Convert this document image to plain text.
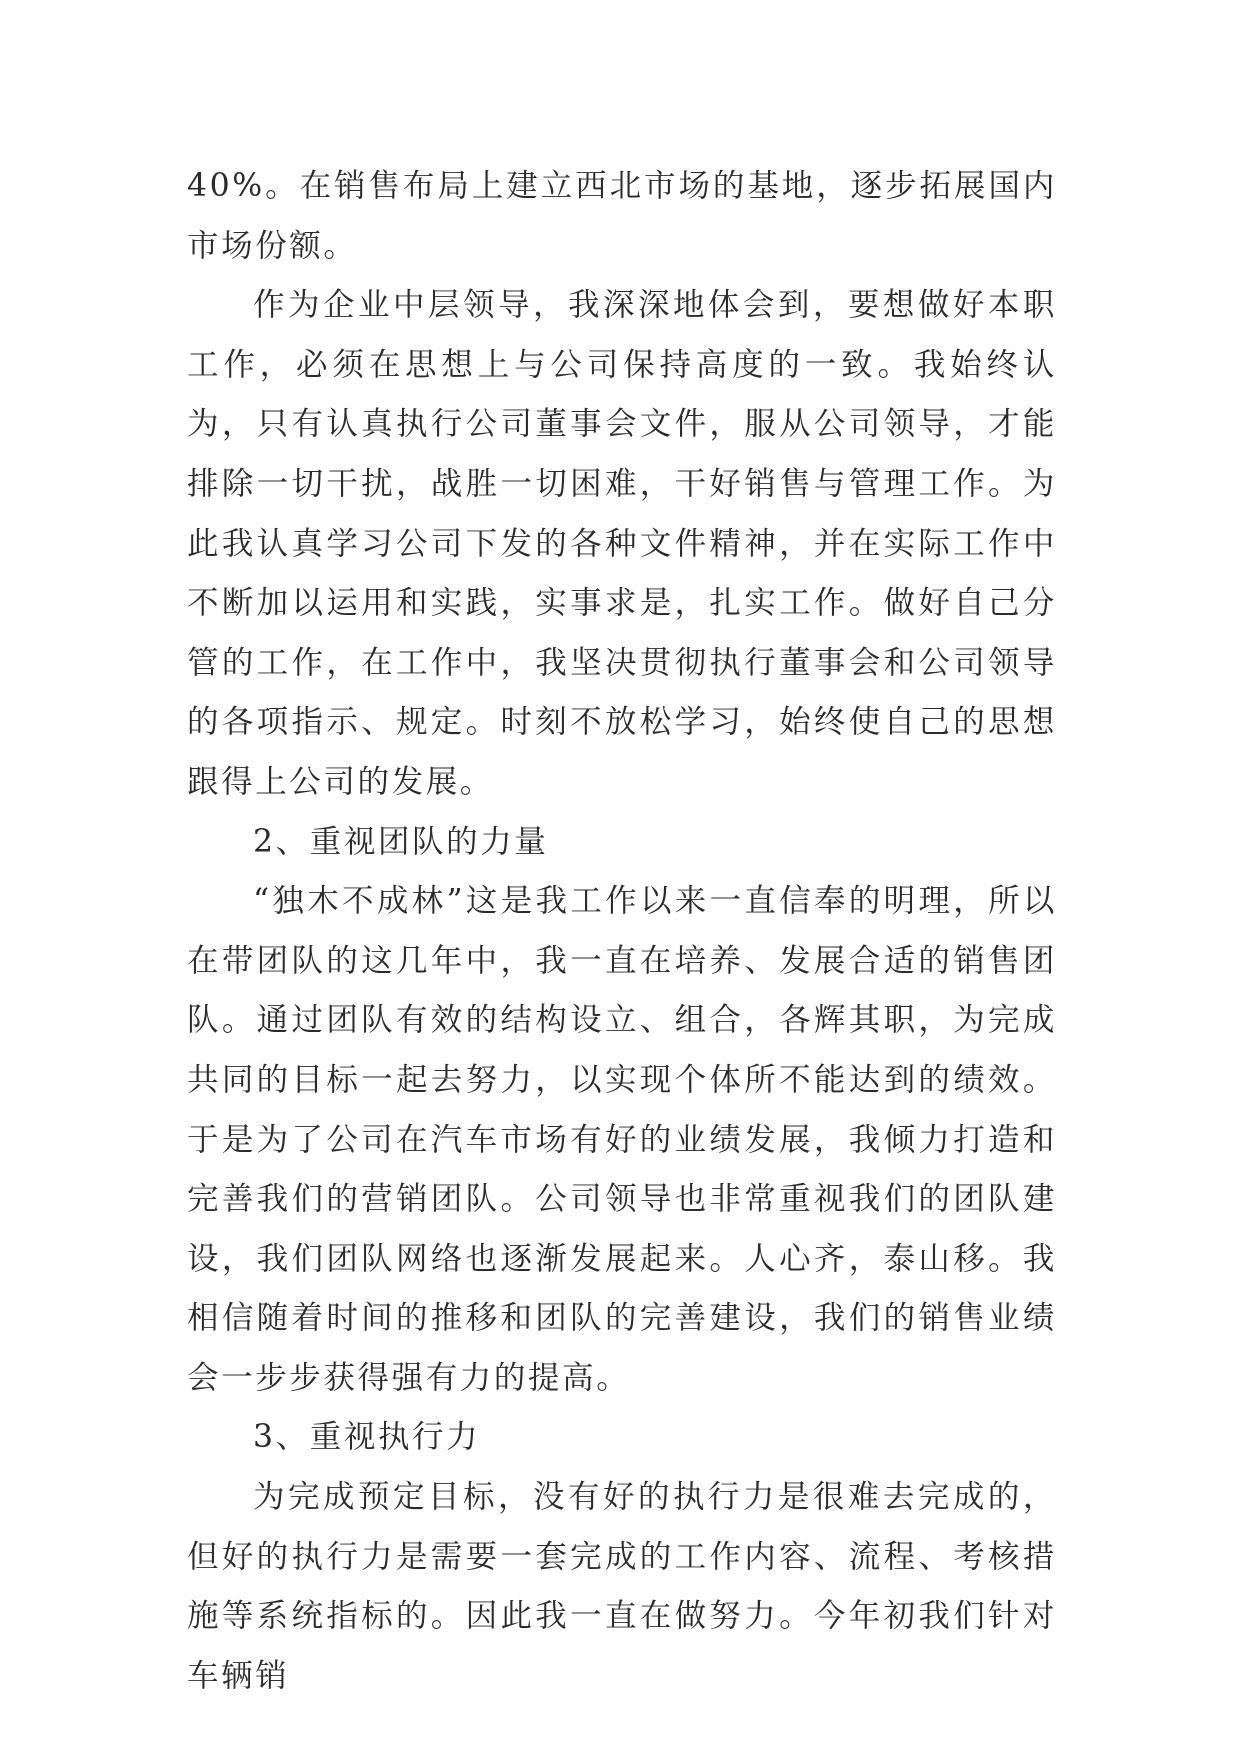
40%。在销售布局上建立西北市场的基地，逐步拓展国内市场份额。

作为企业中层领导，我深深地体会到，要想做好本职工作，必须在思想上与公司保持高度的一致。我始终认为，只有认真执行公司董事会文件，服从公司领导，才能排除一切干扰，战胜一切困难，干好销售与管理工作。为此我认真学习公司下发的各种文件精神，并在实际工作中不断加以运用和实践，实事求是，扎实工作。做好自己分管的工作，在工作中，我坚决贯彻执行董事会和公司领导的各项指示、规定。时刻不放松学习，始终使自己的思想跟得上公司的发展。

2、重视团队的力量

“独木不成林”这是我工作以来一直信奉的明理，所以在带团队的这几年中，我一直在培养、发展合适的销售团队。通过团队有效的结构设立、组合，各辉其职，为完成共同的目标一起去努力，以实现个体所不能达到的绩效。于是为了公司在汽车市场有好的业绩发展，我倾力打造和完善我们的营销团队。公司领导也非常重视我们的团队建设，我们团队网络也逐渐发展起来。人心齐，泰山移。我相信随着时间的推移和团队的完善建设，我们的销售业绩会一步步获得强有力的提高。

3、重视执行力

为完成预定目标，没有好的执行力是很难去完成的，但好的执行力是需要一套完成的工作内容、流程、考核措施等系统指标的。因此我一直在做努力。今年初我们针对车辆销
